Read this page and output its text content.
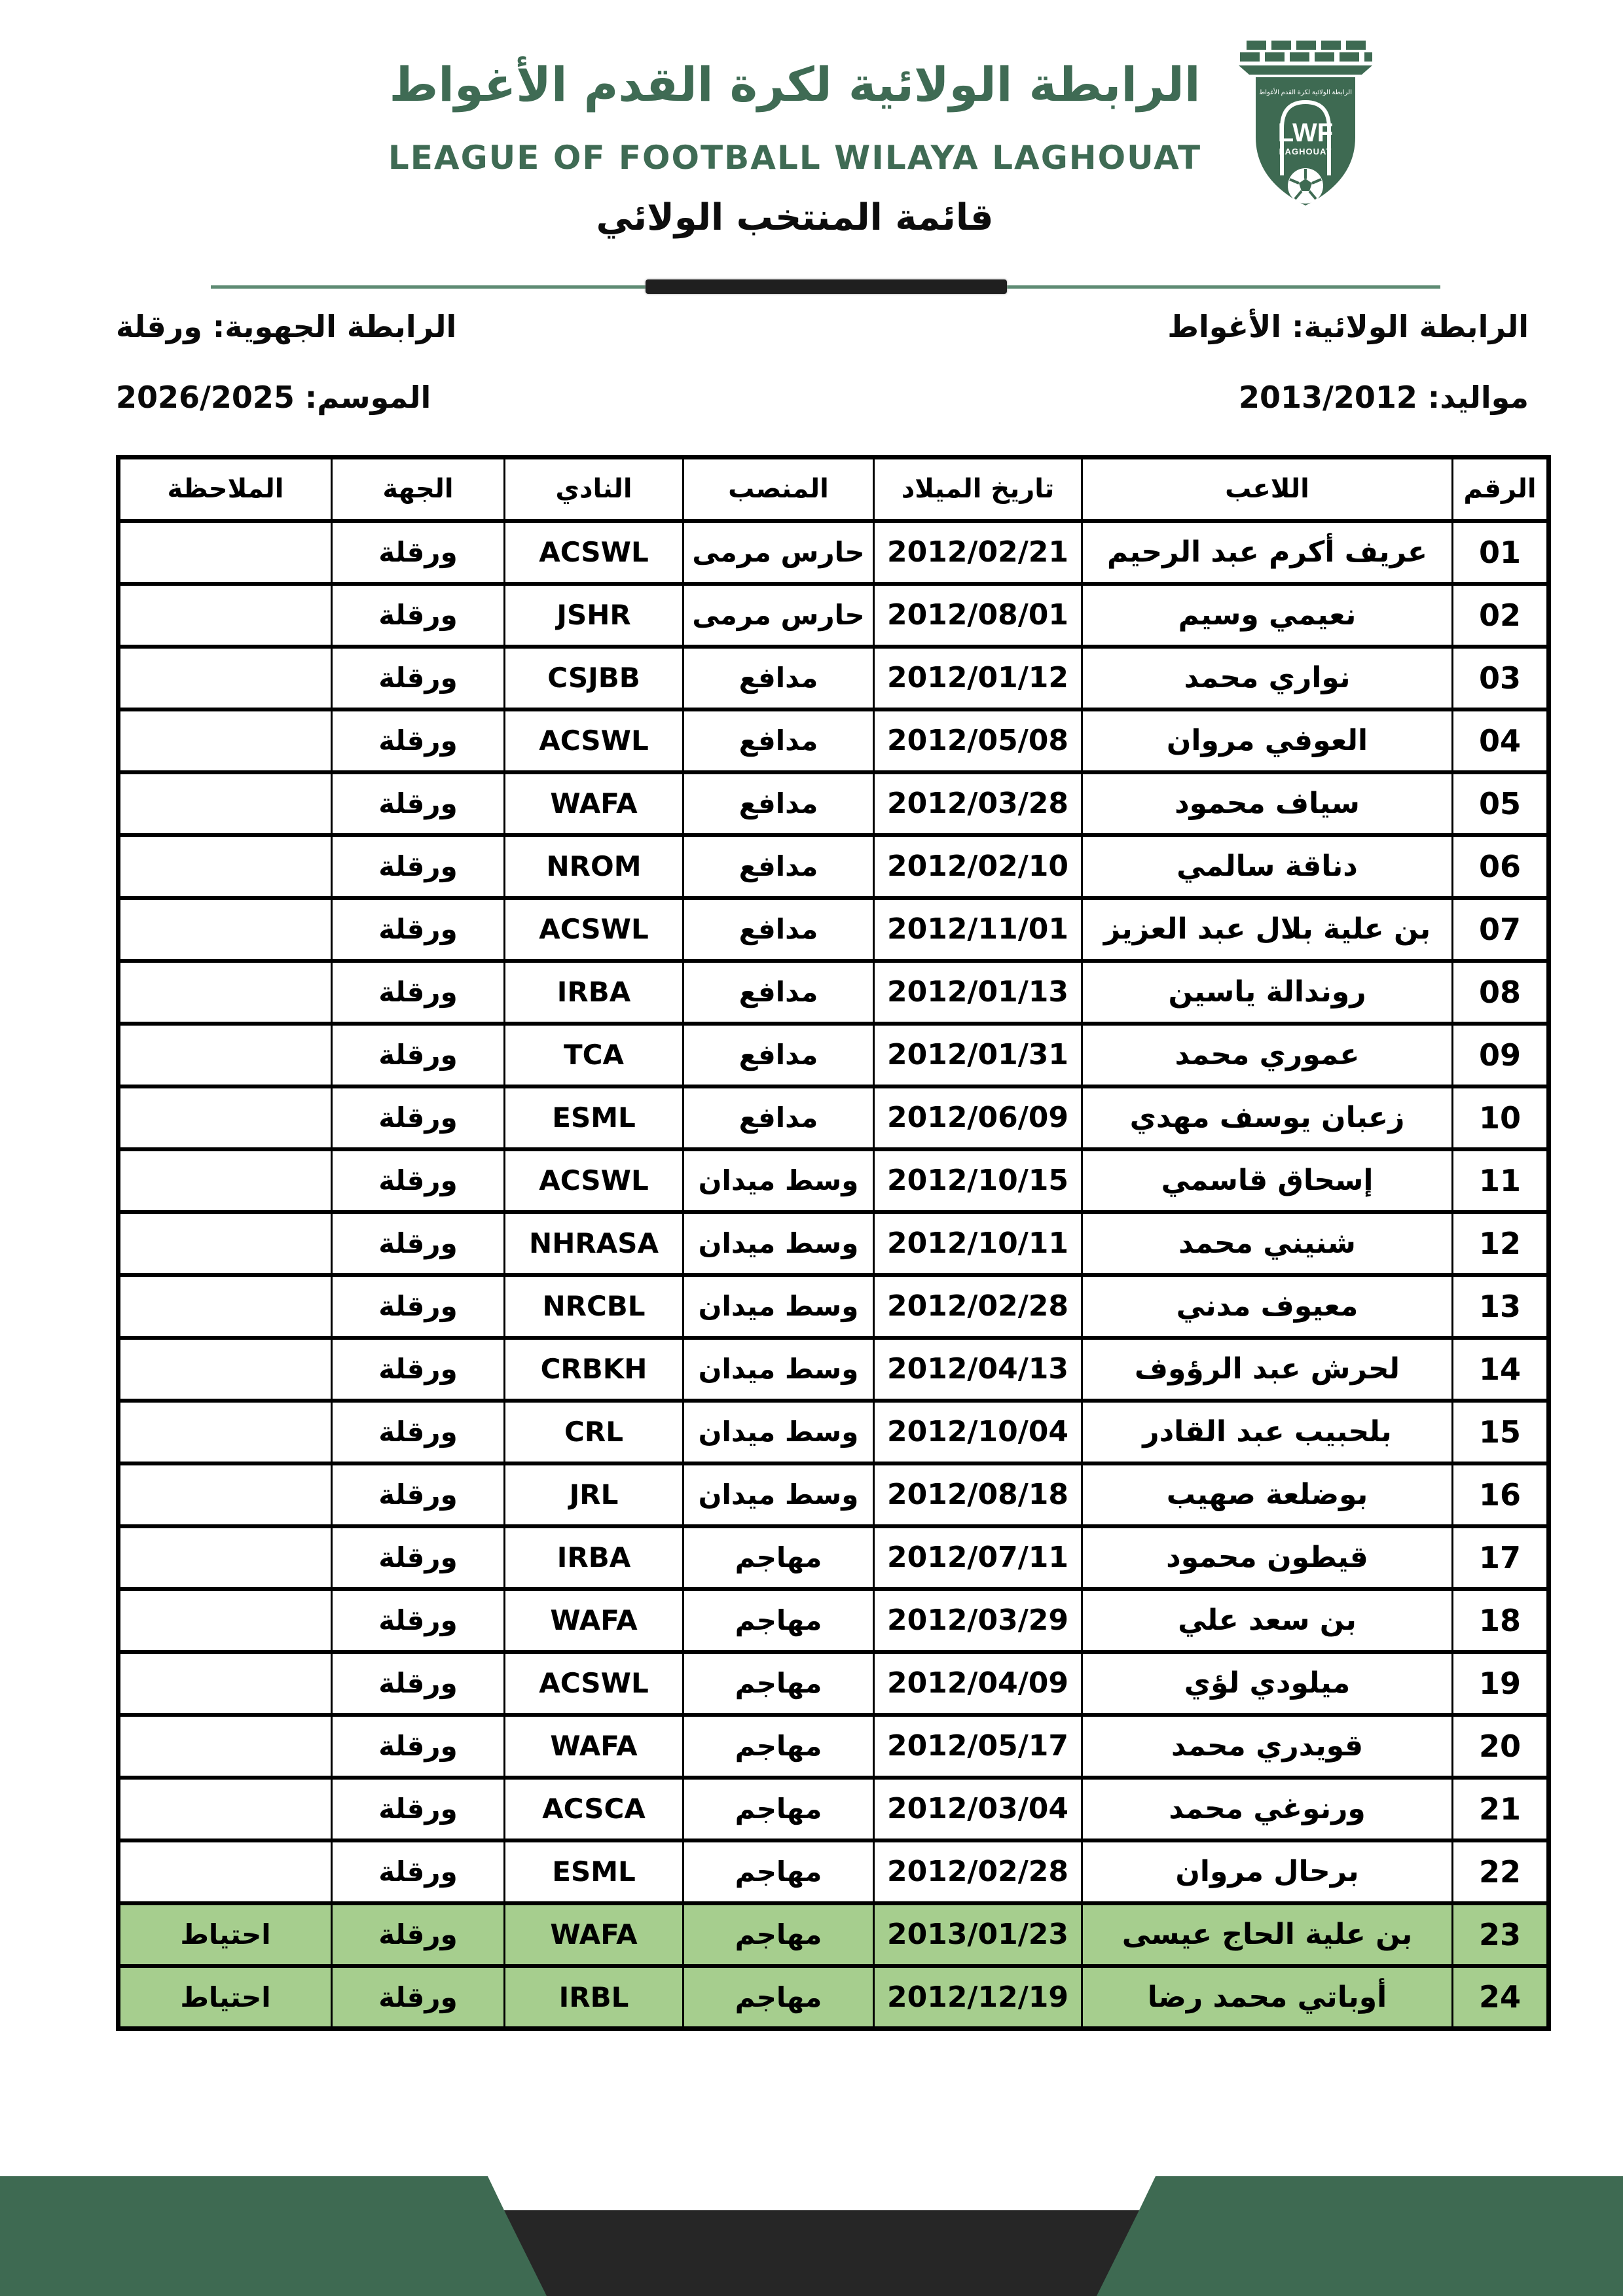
الرابطة الولائية لكرة القدم الأغواط
LEAGUE OF FOOTBALL WILAYA LAGHOUAT
قائمة المنتخب الولائي
الرابطة الولائية لكرة القدم الأغواط
LWF
LAGHOUAT
الرابطة الولائية: الأغواط
الرابطة الجهوية: ورقلة
مواليد: 2013/2012
الموسم: 2026/2025
الرقم	اللاعب	تاريخ الميلاد	المنصب	النادي	الجهة	الملاحظة
01	عريف أكرم عبد الرحيم	2012/02/21	حارس مرمى	ACSWL	ورقلة	
02	نعيمي وسيم	2012/08/01	حارس مرمى	JSHR	ورقلة	
03	نواري محمد	2012/01/12	مدافع	CSJBB	ورقلة	
04	العوفي مروان	2012/05/08	مدافع	ACSWL	ورقلة	
05	سياف محمود	2012/03/28	مدافع	WAFA	ورقلة	
06	دناقة سالمي	2012/02/10	مدافع	NROM	ورقلة	
07	بن علية بلال عبد العزيز	2012/11/01	مدافع	ACSWL	ورقلة	
08	روندالة ياسين	2012/01/13	مدافع	IRBA	ورقلة	
09	عموري محمد	2012/01/31	مدافع	TCA	ورقلة	
10	زعبان يوسف مهدي	2012/06/09	مدافع	ESML	ورقلة	
11	إسحاق قاسمي	2012/10/15	وسط ميدان	ACSWL	ورقلة	
12	شنيني محمد	2012/10/11	وسط ميدان	NHRASA	ورقلة	
13	معيوف مدني	2012/02/28	وسط ميدان	NRCBL	ورقلة	
14	لحرش عبد الرؤوف	2012/04/13	وسط ميدان	CRBKH	ورقلة	
15	بلحبيب عبد القادر	2012/10/04	وسط ميدان	CRL	ورقلة	
16	بوضلعة صهيب	2012/08/18	وسط ميدان	JRL	ورقلة	
17	قيطون محمود	2012/07/11	مهاجم	IRBA	ورقلة	
18	بن سعد علي	2012/03/29	مهاجم	WAFA	ورقلة	
19	ميلودي لؤي	2012/04/09	مهاجم	ACSWL	ورقلة	
20	قويدري محمد	2012/05/17	مهاجم	WAFA	ورقلة	
21	ورنوغي محمد	2012/03/04	مهاجم	ACSCA	ورقلة	
22	برحال مروان	2012/02/28	مهاجم	ESML	ورقلة	
23	بن علية الحاج عيسى	2013/01/23	مهاجم	WAFA	ورقلة	احتياط
24	أوباتي محمد رضا	2012/12/19	مهاجم	IRBL	ورقلة	احتياط
